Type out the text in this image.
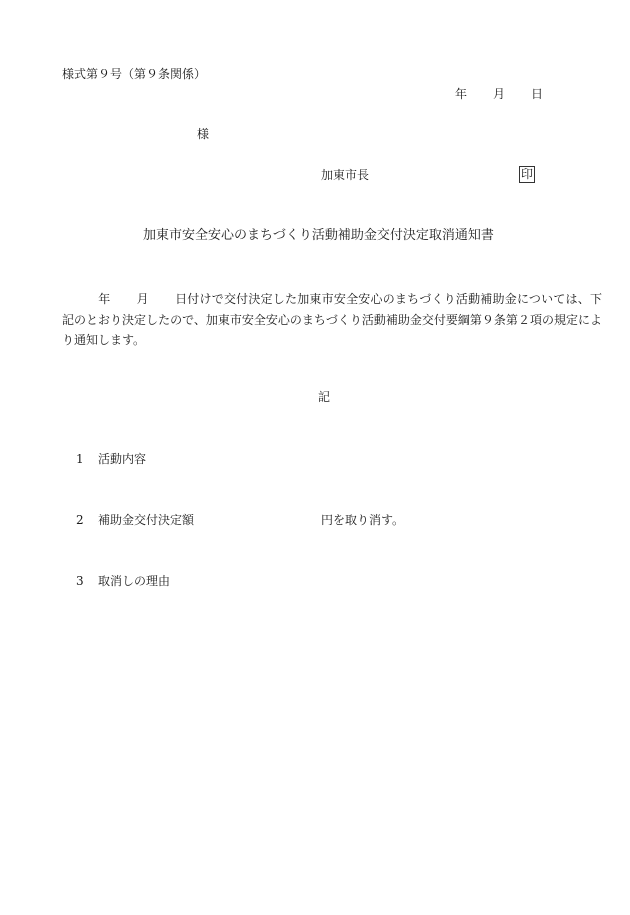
様式第９号（第９条関係）
年 月 日
様
加東市長	印
加東市安全安心のまちづくり活動補助金交付決定取消通知書
年 月 日付けで交付決定した加東市安全安心のまちづくり活動補助金については、下記のとおり決定したので、加東市安全安心のまちづくり活動補助金交付要綱第９条第２項の規定により通知します。
記
1 活動内容
2 補助金交付決定額	円を取り消す。
3 取消しの理由
